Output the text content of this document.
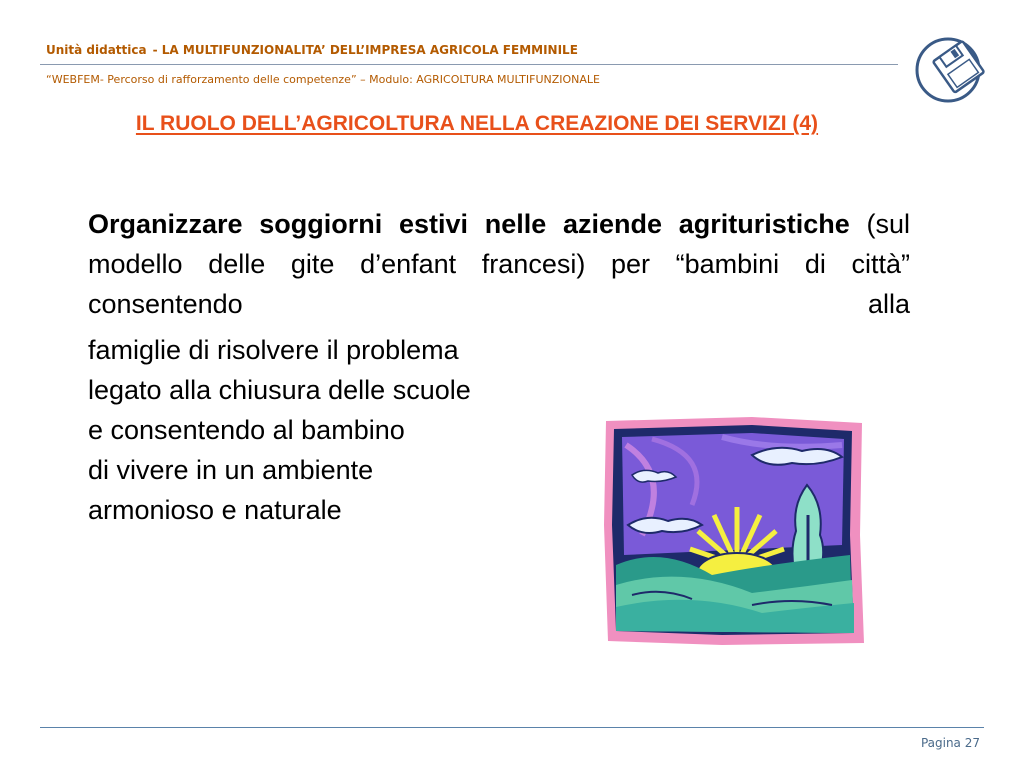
Unità didattica - LA MULTIFUNZIONALITA’ DELL’IMPRESA AGRICOLA FEMMINILE
“WEBFEM- Percorso di rafforzamento delle competenze” – Modulo: AGRICOLTURA MULTIFUNZIONALE
IL RUOLO DELL’AGRICOLTURA NELLA CREAZIONE DEI SERVIZI (4)
Organizzare soggiorni estivi nelle aziende agrituristiche (sul modello delle gite d’enfant francesi) per “bambini di città” consentendo alla
famiglie di risolvere il problema
legato alla chiusura delle scuole
e consentendo al bambino
di vivere in un ambiente
armonioso e naturale
Pagina 27
